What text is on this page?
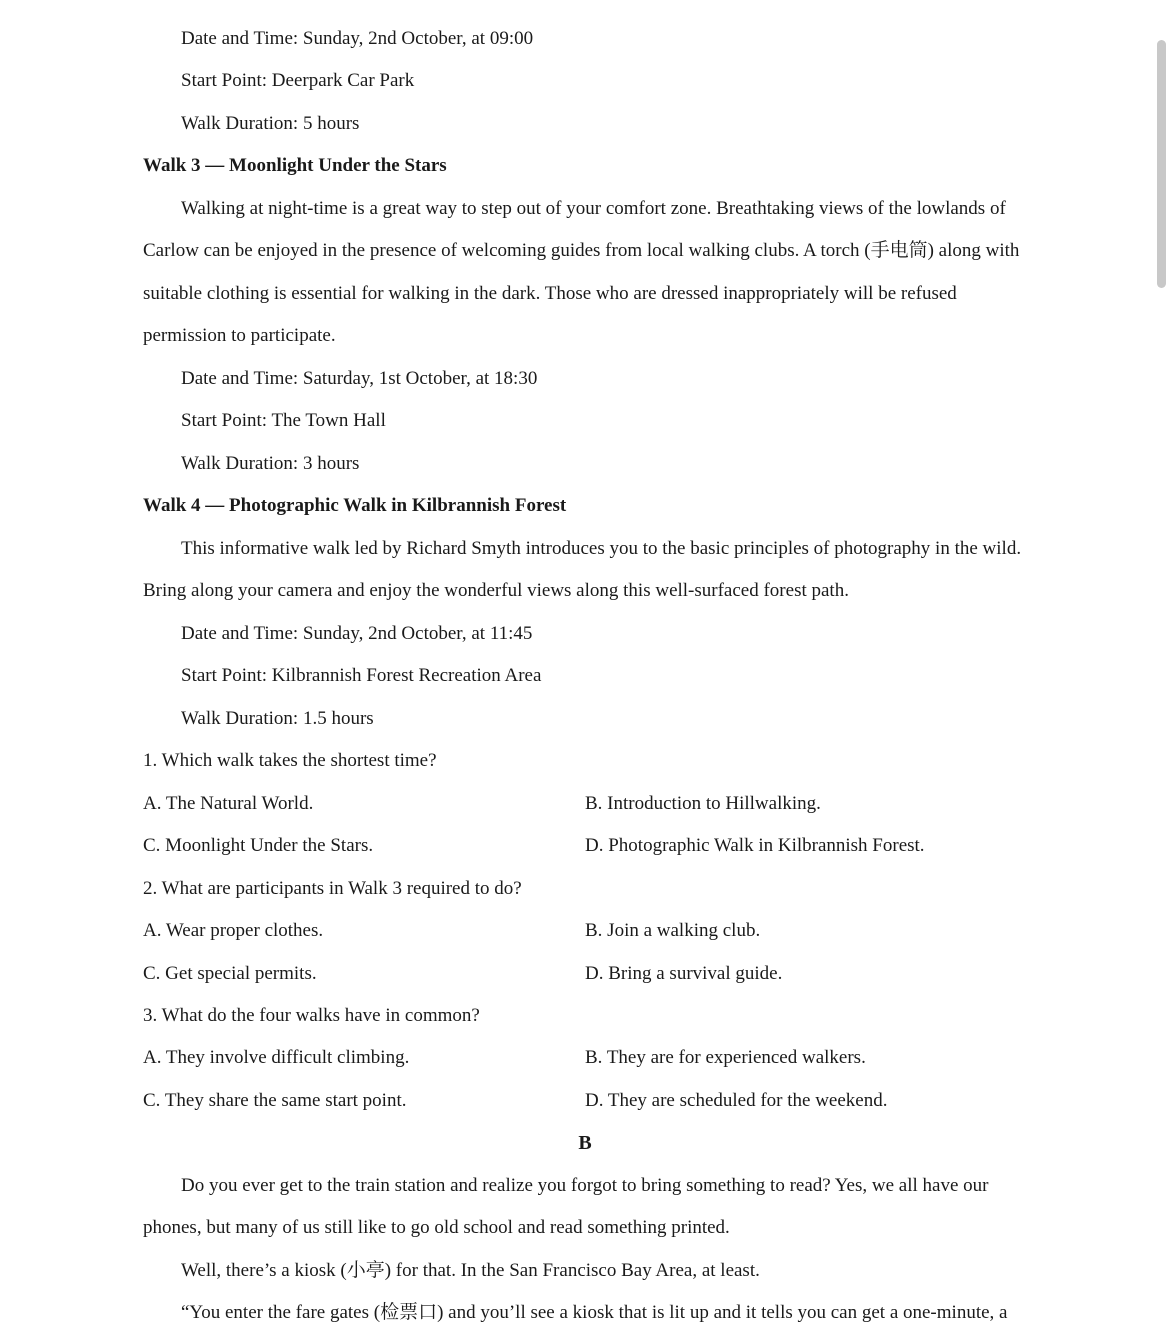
Date and Time: Sunday, 2nd October, at 09:00
Start Point: Deerpark Car Park
Walk Duration: 5 hours
Walk 3 — Moonlight Under the Stars
Walking at night-time is a great way to step out of your comfort zone. Breathtaking views of the lowlands of
Carlow can be enjoyed in the presence of welcoming guides from local walking clubs. A torch (手电筒) along with
suitable clothing is essential for walking in the dark. Those who are dressed inappropriately will be refused
permission to participate.
Date and Time: Saturday, 1st October, at 18:30
Start Point: The Town Hall
Walk Duration: 3 hours
Walk 4 — Photographic Walk in Kilbrannish Forest
This informative walk led by Richard Smyth introduces you to the basic principles of photography in the wild.
Bring along your camera and enjoy the wonderful views along this well-surfaced forest path.
Date and Time: Sunday, 2nd October, at 11:45
Start Point: Kilbrannish Forest Recreation Area
Walk Duration: 1.5 hours
1. Which walk takes the shortest time?
A. The Natural World.	B. Introduction to Hillwalking.
C. Moonlight Under the Stars.	D. Photographic Walk in Kilbrannish Forest.
2. What are participants in Walk 3 required to do?
A. Wear proper clothes.	B. Join a walking club.
C. Get special permits.	D. Bring a survival guide.
3. What do the four walks have in common?
A. They involve difficult climbing.	B. They are for experienced walkers.
C. They share the same start point.	D. They are scheduled for the weekend.
B
Do you ever get to the train station and realize you forgot to bring something to read? Yes, we all have our
phones, but many of us still like to go old school and read something printed.
Well, there’s a kiosk (小亭) for that. In the San Francisco Bay Area, at least.
“You enter the fare gates (检票口) and you’ll see a kiosk that is lit up and it tells you can get a one-minute, a
